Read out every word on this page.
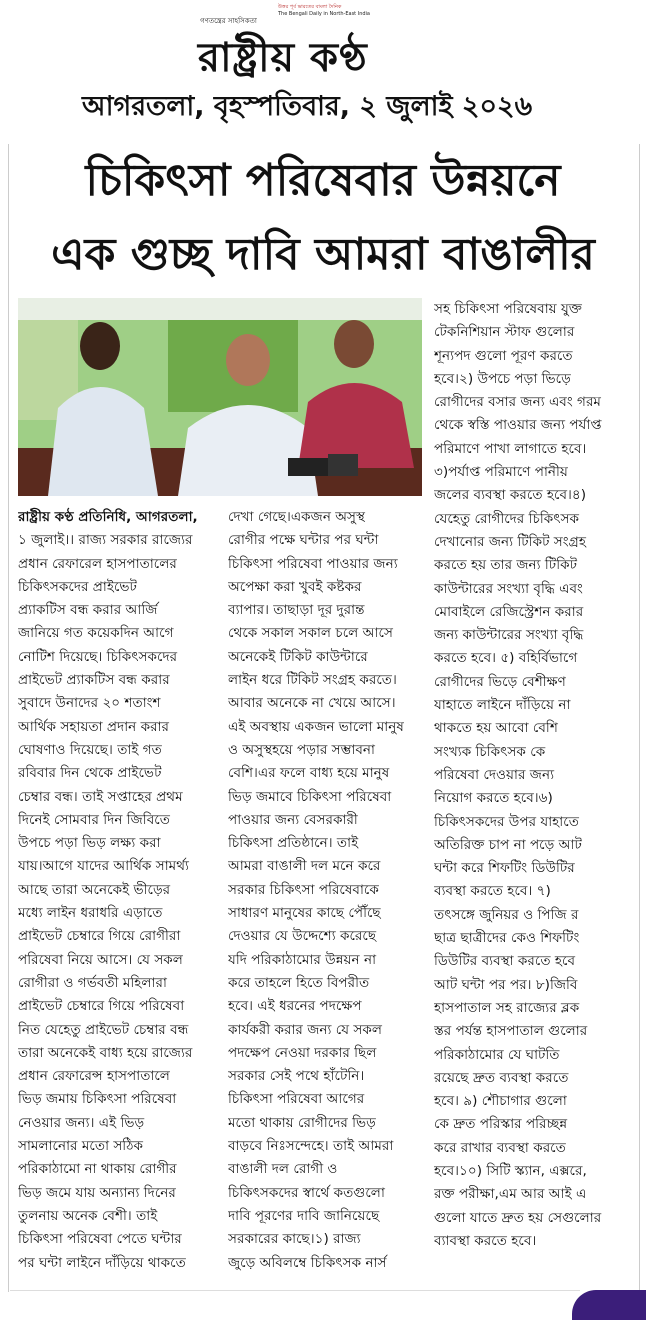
গণতন্ত্রের সাহসিকতা
উত্তর পূর্ব ভারতের বাংলা দৈনিক
The Bengali Daily in North-East India
রাষ্ট্রীয় কণ্ঠ
আগরতলা, বৃহস্পতিবার, ২ জুলাই ২০২৬
চিকিৎসা পরিষেবার উন্নয়নে
এক গুচ্ছ দাবি আমরা বাঙালীর
রাষ্ট্রীয় কণ্ঠ প্রতিনিধি, আগরতলা,
১ জুলাই।। রাজ্য সরকার রাজ্যের
প্রধান রেফারেল হাসপাতালের
চিকিৎসকদের প্রাইভেট
প্র্যাকটিস বন্ধ করার আর্জি
জানিয়ে গত কয়েকদিন আগে
নোটিশ দিয়েছে। চিকিৎসকদের
প্রাইভেট প্র্যাকটিস বন্ধ করার
সুবাদে উনাদের ২০ শতাংশ
আর্থিক সহায়তা প্রদান করার
ঘোষণাও দিয়েছে। তাই গত
রবিবার দিন থেকে প্রাইভেট
চেম্বার বন্ধ। তাই সপ্তাহের প্রথম
দিনেই সোমবার দিন জিবিতে
উপচে পড়া ভিড় লক্ষ্য করা
যায়।আগে যাদের আর্থিক সামর্থ্য
আছে তারা অনেকেই ভীড়ের
মধ্যে লাইন ধরাধরি এড়াতে
প্রাইভেট চেম্বারে গিয়ে রোগীরা
পরিষেবা নিয়ে আসে। যে সকল
রোগীরা ও গর্ভবতী মহিলারা
প্রাইভেট চেম্বারে গিয়ে পরিষেবা
নিত যেহেতু প্রাইভেট চেম্বার বন্ধ
তারা অনেকেই বাধ্য হয়ে রাজ্যের
প্রধান রেফারেন্স হাসপাতালে
ভিড় জমায় চিকিৎসা পরিষেবা
নেওয়ার জন্য। এই ভিড়
সামলানোর মতো সঠিক
পরিকাঠামো না থাকায় রোগীর
ভিড় জমে যায় অন্যান্য দিনের
তুলনায় অনেক বেশী। তাই
চিকিৎসা পরিষেবা পেতে ঘন্টার
পর ঘন্টা লাইনে দাঁড়িয়ে থাকতে
দেখা গেছে।একজন অসুস্থ
রোগীর পক্ষে ঘন্টার পর ঘন্টা
চিকিৎসা পরিষেবা পাওয়ার জন্য
অপেক্ষা করা খুবই কষ্টকর
ব্যাপার। তাছাড়া দূর দুরান্ত
থেকে সকাল সকাল চলে আসে
অনেকেই টিকিট কাউন্টারে
লাইন ধরে টিকিট সংগ্রহ করতে।
আবার অনেকে না খেয়ে আসে।
এই অবস্থায় একজন ভালো মানুষ
ও অসুস্থহয়ে পড়ার সম্ভাবনা
বেশি।এর ফলে বাধ্য হয়ে মানুষ
ভিড় জমাবে চিকিৎসা পরিষেবা
পাওয়ার জন্য বেসরকারী
চিকিৎসা প্রতিষ্ঠানে। তাই
আমরা বাঙালী দল মনে করে
সরকার চিকিৎসা পরিষেবাকে
সাধারণ মানুষের কাছে পৌঁছে
দেওয়ার যে উদ্দেশ্যে করেছে
যদি পরিকাঠামোর উন্নয়ন না
করে তাহলে হিতে বিপরীত
হবে। এই ধরনের পদক্ষেপ
কার্যকরী করার জন্য যে সকল
পদক্ষেপ নেওয়া দরকার ছিল
সরকার সেই পথে হাঁটেনি।
চিকিৎসা পরিষেবা আগের
মতো থাকায় রোগীদের ভিড়
বাড়বে নিঃসন্দেহে। তাই আমরা
বাঙালী দল রোগী ও
চিকিৎসকদের স্বার্থে কতগুলো
দাবি পূরণের দাবি জানিয়েছে
সরকারের কাছে।১) রাজ্য
জুড়ে অবিলম্বে চিকিৎসক নার্স
সহ চিকিৎসা পরিষেবায় যুক্ত
টেকনিশিয়ান স্টাফ গুলোর
শূন্যপদ গুলো পূরণ করতে
হবে।২) উপচে পড়া ভিড়ে
রোগীদের বসার জন্য এবং গরম
থেকে স্বস্তি পাওয়ার জন্য পর্যাপ্ত
পরিমাণে পাখা লাগাতে হবে।
৩)পর্যাপ্ত পরিমাণে পানীয়
জলের ব্যবস্থা করতে হবে।৪)
যেহেতু রোগীদের চিকিৎসক
দেখানোর জন্য টিকিট সংগ্রহ
করতে হয় তার জন্য টিকিট
কাউন্টারের সংখ্যা বৃদ্ধি এবং
মোবাইলে রেজিস্ট্রেশন করার
জন্য কাউন্টারের সংখ্যা বৃদ্ধি
করতে হবে। ৫) বহির্বিভাগে
রোগীদের ভিড়ে বেশীক্ষণ
যাহাতে লাইনে দাঁড়িয়ে না
থাকতে হয় আবো বেশি
সংখ্যক চিকিৎসক কে
পরিষেবা দেওয়ার জন্য
নিয়োগ করতে হবে।৬)
চিকিৎসকদের উপর যাহাতে
অতিরিক্ত চাপ না পড়ে আট
ঘন্টা করে শিফটিং ডিউটির
ব্যবস্থা করতে হবে। ৭)
তৎসঙ্গে জুনিয়র ও পিজি র
ছাত্র ছাত্রীদের কেও শিফটিং
ডিউটির ব্যবস্থা করতে হবে
আট ঘন্টা পর পর। ৮)জিবি
হাসপাতাল সহ রাজ্যের ব্লক
স্তর পর্যন্ত হাসপাতাল গুলোর
পরিকাঠামোর যে ঘাটতি
রয়েছে দ্রুত ব্যবস্থা করতে
হবে। ৯) শৌচাগার গুলো
কে দ্রুত পরিস্কার পরিচ্ছন্ন
করে রাখার ব্যবস্থা করতে
হবে।১০) সিটি স্ক্যান, এক্সরে,
রক্ত পরীক্ষা,এম আর আই এ
গুলো যাতে দ্রুত হয় সেগুলোর
ব্যাবস্থা করতে হবে।
